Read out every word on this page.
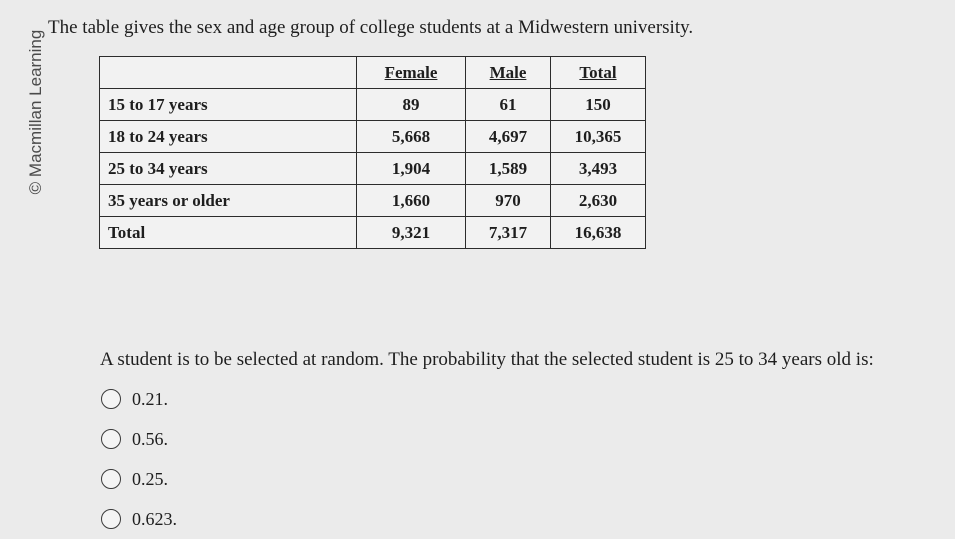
© Macmillan Learning
The table gives the sex and age group of college students at a Midwestern university.
	Female	Male	Total
15 to 17 years	89	61	150
18 to 24 years	5,668	4,697	10,365
25 to 34 years	1,904	1,589	3,493
35 years or older	1,660	970	2,630
Total	9,321	7,317	16,638
A student is to be selected at random. The probability that the selected student is 25 to 34 years old is:
0.21.
0.56.
0.25.
0.623.
